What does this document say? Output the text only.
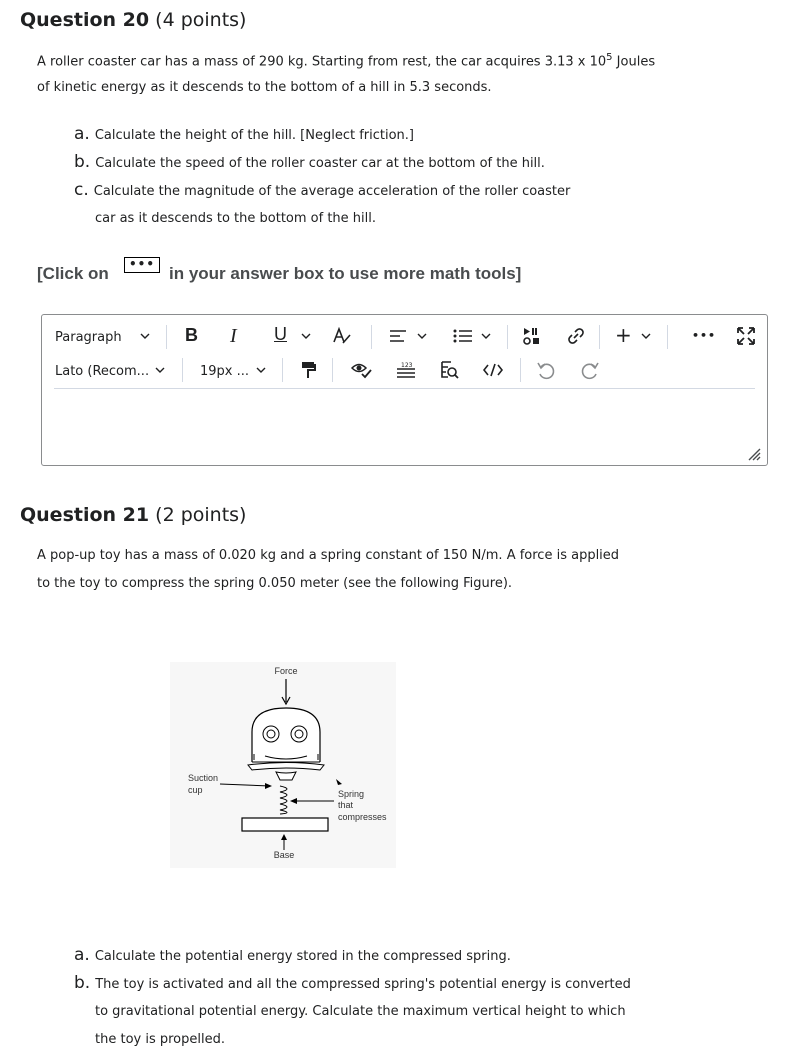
Question 20 (4 points)
A roller coaster car has a mass of 290 kg. Starting from rest, the car acquires 3.13 x $10^5$ Joules
of kinetic energy as it descends to the bottom of a hill in 5.3 seconds.
a. Calculate the height of the hill. [Neglect friction.]
b. Calculate the speed of the roller coaster car at the bottom of the hill.
c. Calculate the magnitude of the average acceleration of the roller coaster
car as it descends to the bottom of the hill.
[Click on	••• in your answer box to use more math tools]
Paragraph	B I U	+	•••
Lato (Recom...	19px ...	123
Question 21 (2 points)
A pop-up toy has a mass of 0.020 kg and a spring constant of 150 N/m. A force is applied
to the toy to compress the spring 0.050 meter (see the following Figure).
Force
Suction
cup	Spring
that
compresses
Base
a. Calculate the potential energy stored in the compressed spring.
b. The toy is activated and all the compressed spring's potential energy is converted
to gravitational potential energy. Calculate the maximum vertical height to which
the toy is propelled.
